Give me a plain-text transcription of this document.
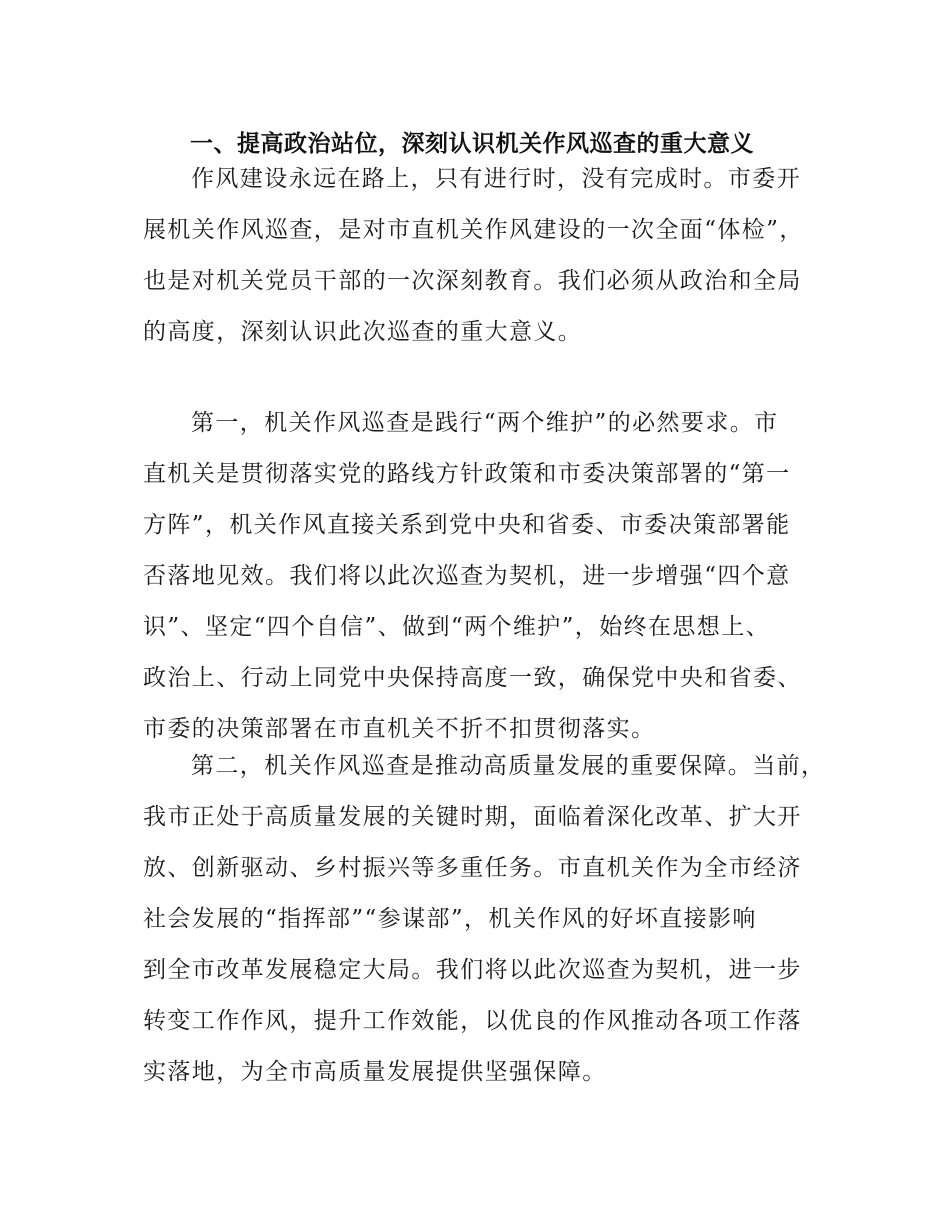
一、提高政治站位，深刻认识机关作风巡查的重大意义
作风建设永远在路上，只有进行时，没有完成时。市委开
展机关作风巡查，是对市直机关作风建设的一次全面“体检”，
也是对机关党员干部的一次深刻教育。我们必须从政治和全局
的高度，深刻认识此次巡查的重大意义。
第一，机关作风巡查是践行“两个维护”的必然要求。市
直机关是贯彻落实党的路线方针政策和市委决策部署的“第一
方阵”，机关作风直接关系到党中央和省委、市委决策部署能
否落地见效。我们将以此次巡查为契机，进一步增强“四个意
识”、坚定“四个自信”、做到“两个维护”，始终在思想上、
政治上、行动上同党中央保持高度一致，确保党中央和省委、
市委的决策部署在市直机关不折不扣贯彻落实。
第二，机关作风巡查是推动高质量发展的重要保障。当前，
我市正处于高质量发展的关键时期，面临着深化改革、扩大开
放、创新驱动、乡村振兴等多重任务。市直机关作为全市经济
社会发展的“指挥部”“参谋部”，机关作风的好坏直接影响
到全市改革发展稳定大局。我们将以此次巡查为契机，进一步
转变工作作风，提升工作效能，以优良的作风推动各项工作落
实落地，为全市高质量发展提供坚强保障。
